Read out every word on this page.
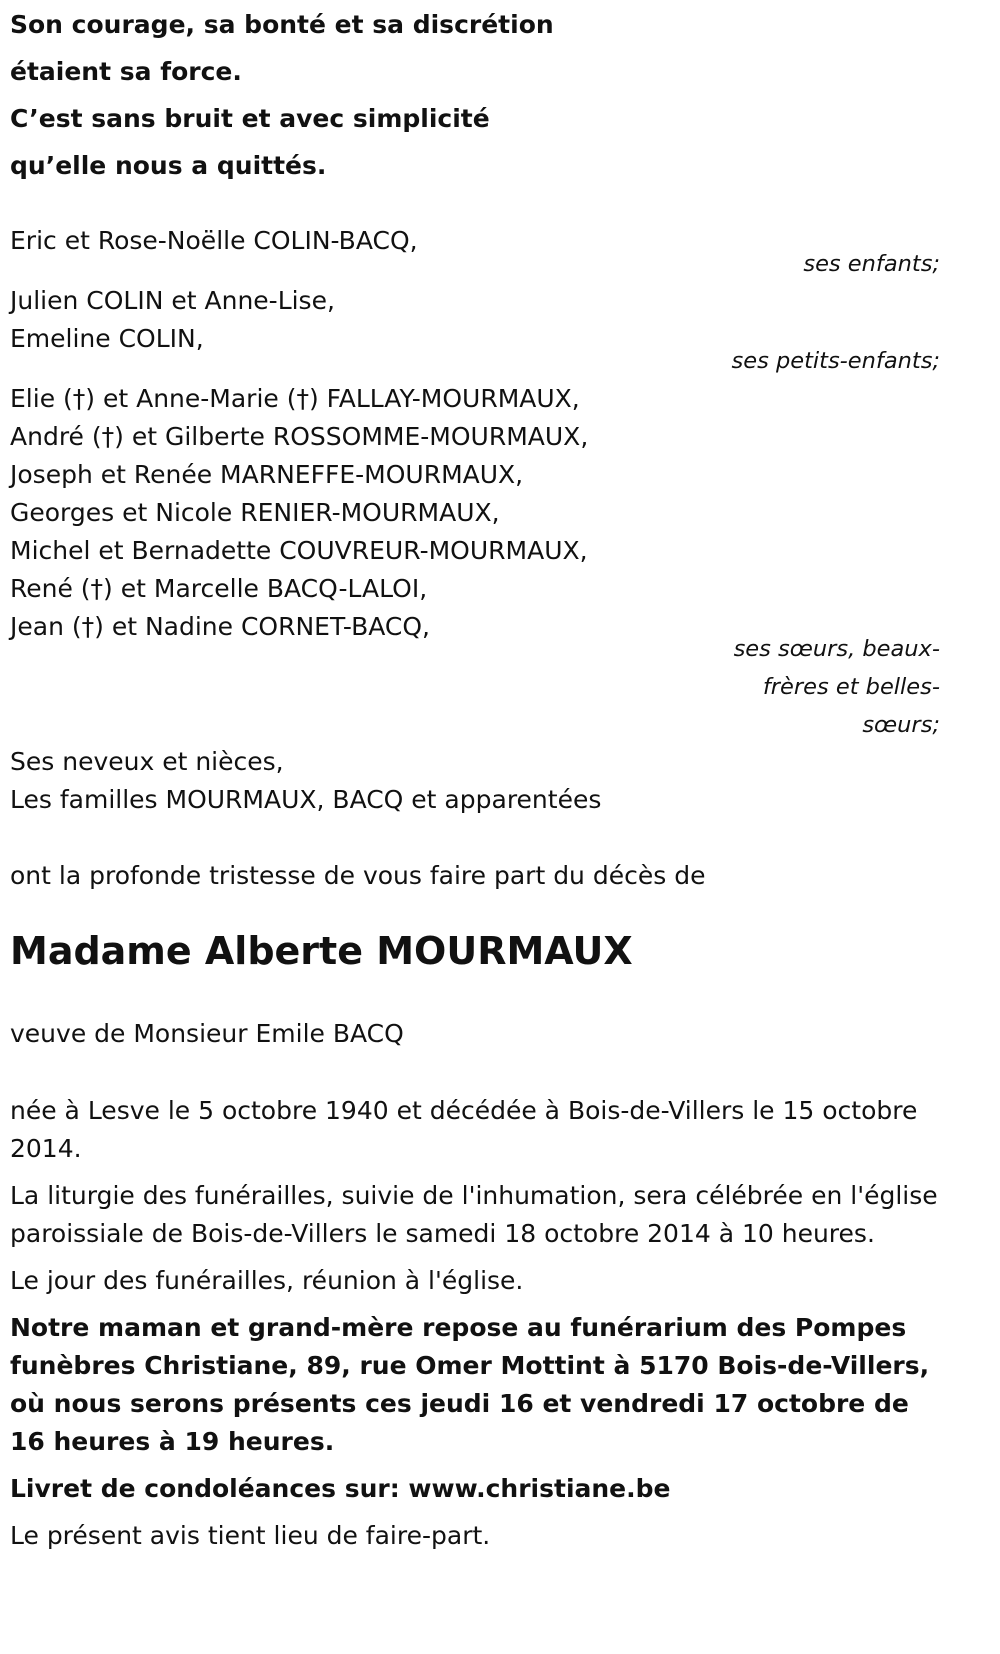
Son courage, sa bonté et sa discrétion
étaient sa force.
C’est sans bruit et avec simplicité
qu’elle nous a quittés.
Eric et Rose-Noëlle COLIN-BACQ,
ses enfants;
Julien COLIN et Anne-Lise,
Emeline COLIN,
ses petits-enfants;
Elie (†) et Anne-Marie (†) FALLAY-MOURMAUX,
André (†) et Gilberte ROSSOMME-MOURMAUX,
Joseph et Renée MARNEFFE-MOURMAUX,
Georges et Nicole RENIER-MOURMAUX,
Michel et Bernadette COUVREUR-MOURMAUX,
René (†) et Marcelle BACQ-LALOI,
Jean (†) et Nadine CORNET-BACQ,
ses sœurs, beaux-
frères et belles-
sœurs;
Ses neveux et nièces,
Les familles MOURMAUX, BACQ et apparentées
ont la profonde tristesse de vous faire part du décès de
Madame Alberte MOURMAUX
veuve de Monsieur Emile BACQ

née à Lesve le 5 octobre 1940 et décédée à Bois-de-Villers le 15 octobre 2014.

La liturgie des funérailles, suivie de l'inhumation, sera célébrée en l'église paroissiale de Bois-de-Villers le samedi 18 octobre 2014 à 10 heures.

Le jour des funérailles, réunion à l'église.

Notre maman et grand-mère repose au funérarium des Pompes funèbres Christiane, 89, rue Omer Mottint à 5170 Bois-de-Villers, où nous serons présents ces jeudi 16 et vendredi 17 octobre de 16 heures à 19 heures.

Livret de condoléances sur: www.christiane.be

Le présent avis tient lieu de faire-part.
